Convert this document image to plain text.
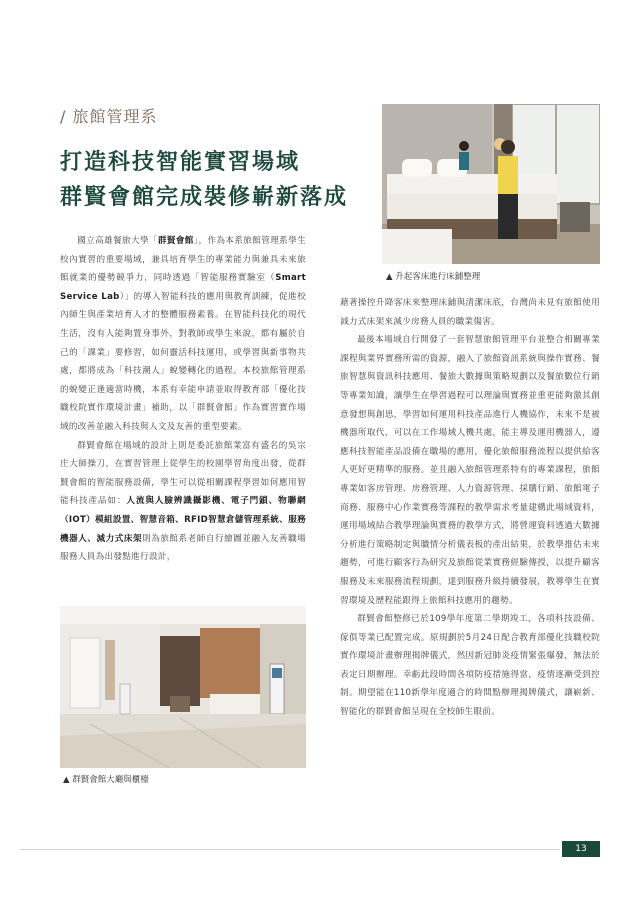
/ 旅館管理系
打造科技智能實習場域
群賢會館完成裝修嶄新落成

國立高雄餐旅大學「群賢會館」，作為本系旅館管理系學生校內實習的重要場域，兼具培育學生的專業能力與兼具未來旅館就業的優勢競爭力，同時透過「智能服務實驗室（Smart Service Lab）」的導入智能科技的應用與教育訓練，促進校內師生與產業培育人才的整體服務素養。在智能科技化的現代生活，沒有人能夠置身事外，對教師或學生來說，都有屬於自己的「課業」要修習，如何靈活科技運用，或學習與新事物共處，都將成為「科技潮人」蛻變轉化的過程。本校旅館管理系的蛻變正逢適當時機，本系有幸能申請並取得教育部「優化技職校院實作環境計畫」補助，以「群賢會館」作為實習實作場域的改善並融入科技與人文及友善的重型要素。

群賢會館在場域的設計上則是委託旅館業富有盛名的吳宗庄大師操刀，在實習管理上從學生的校園學習角度出發，從群賢會館的智能服務設備，學生可以從相關課程學習如何應用智能科技產品如：人流與人臉辨識攝影機、電子門鎖、物聯網（IOT）模組設置、智慧音箱、RFID智慧倉儲管理系統、服務機器人、減力式床架則為旅館系老師自行繪圖並融入友善職場服務人員為出發點進行設計，

藉著操控升降客床來整理床鋪與清潔床底，台灣尚未見有旅館使用減力式床架來減少房務人員的職業傷害。

最後本場域自行開發了一套智慧旅館管理平台並整合相關專業課程與業界實務所需的資源，融入了旅館資訊系統與操作實務、餐旅智慧與資訊科技應用、餐旅大數據與策略規劃以及餐旅數位行銷等專業知識，讓學生在學習過程可以理論與實務並重更能夠激其創意發想與創思，學習如何運用科技產品進行人機協作，未來不是被機器所取代，可以在工作場域人機共處，能主導及運用機器人，遵應科技智能產品設備在職場的應用，優化旅館服務流程以提供給客人更好更精準的服務。並且融入旅館管理系特有的專業課程，旅館專業如客房管理、房務管理、人力資源管理、採購行銷、旅館電子商務、服務中心作業實務等課程的教學需求考量建構此場域資料，運用場域結合教學理論與實務的教學方式，將營運資料透過大數據分析進行策略制定與職情分析儀表板的產出結果，於教學推估未來趨勢，可進行顧客行為研究及旅館從業實務經驗傳授，以提升顧客服務及未來服務流程規劃，達到服務升級持續發展，教導學生在實習環境及歷程能跟得上旅館科技應用的趨勢。

群賢會館整修已於109學年度第二學期竣工，各項科技設備、傢俱等業已配置完成。原規劃於5月24日配合教育部優化技職校院實作環境計畫辦理揭牌儀式，然因新冠肺炎疫情緊張爆發，無法於表定日期辦理。幸虧此段時間各項防疫措施得當，疫情逐漸受到控制。期望能在110新學年度適合的時間點辦理揭牌儀式，讓嶄新、智能化的群賢會館呈現在全校師生眼前。

▲ 升起客床進行床鋪整理
▲ 群賢會館大廳與櫃檯
13
